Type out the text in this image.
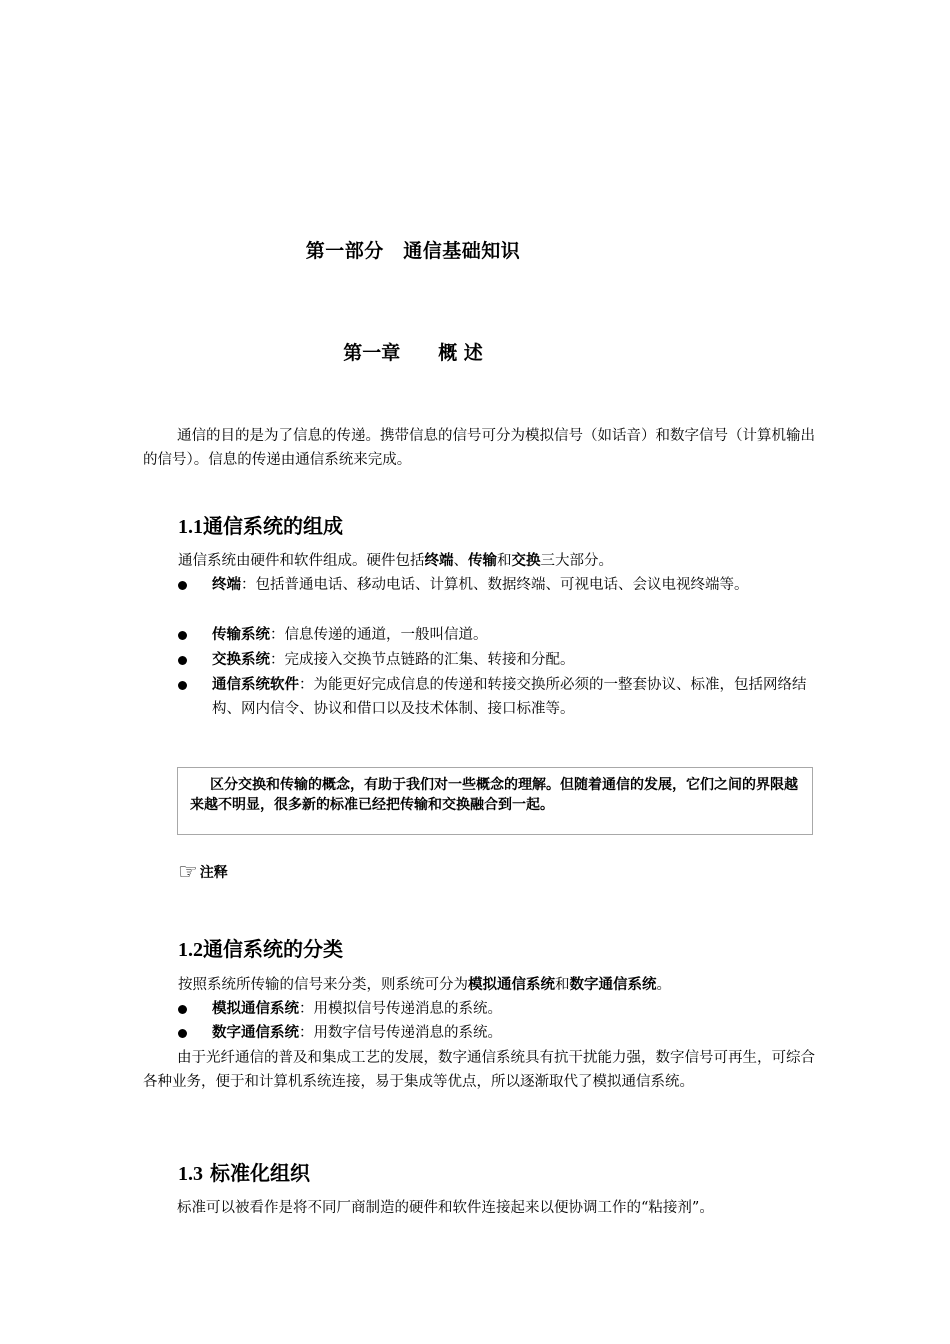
第一部分　通信基础知识
第一章　　概 述
通信的目的是为了信息的传递。携带信息的信号可分为模拟信号（如话音）和数字信号（计算机输出的信号）。信息的传递由通信系统来完成。
1.1通信系统的组成
通信系统由硬件和软件组成。硬件包括终端、传输和交换三大部分。
终端：包括普通电话、移动电话、计算机、数据终端、可视电话、会议电视终端等。
传输系统：信息传递的通道，一般叫信道。
交换系统：完成接入交换节点链路的汇集、转接和分配。
通信系统软件：为能更好完成信息的传递和转接交换所必须的一整套协议、标准，包括网络结构、网内信令、协议和借口以及技术体制、接口标准等。
区分交换和传输的概念，有助于我们对一些概念的理解。但随着通信的发展，它们之间的界限越来越不明显，很多新的标准已经把传输和交换融合到一起。
☞ 注释
1.2通信系统的分类
按照系统所传输的信号来分类，则系统可分为模拟通信系统和数字通信系统。
模拟通信系统：用模拟信号传递消息的系统。
数字通信系统：用数字信号传递消息的系统。
由于光纤通信的普及和集成工艺的发展，数字通信系统具有抗干扰能力强，数字信号可再生，可综合各种业务，便于和计算机系统连接，易于集成等优点，所以逐渐取代了模拟通信系统。
1.3 标准化组织
标准可以被看作是将不同厂商制造的硬件和软件连接起来以便协调工作的“粘接剂”。
